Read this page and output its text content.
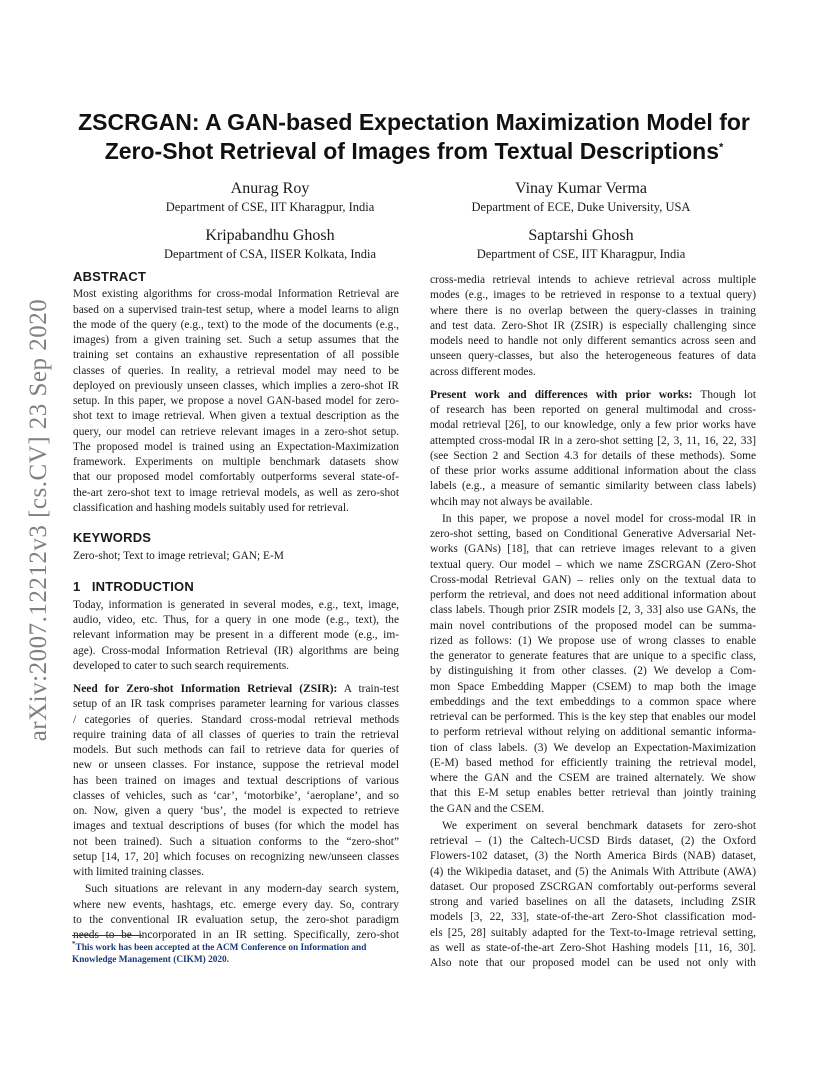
arXiv:2007.12212v3 [cs.CV] 23 Sep 2020
ZSCRGAN: A GAN-based Expectation Maximization Model for
Zero-Shot Retrieval of Images from Textual Descriptions*
Anurag Roy
Department of CSE, IIT Kharagpur, India
Vinay Kumar Verma
Department of ECE, Duke University, USA
Kripabandhu Ghosh
Department of CSA, IISER Kolkata, India
Saptarshi Ghosh
Department of CSE, IIT Kharagpur, India
ABSTRACT
Most existing algorithms for cross-modal Information Retrieval are
based on a supervised train-test setup, where a model learns to align
the mode of the query (e.g., text) to the mode of the documents (e.g.,
images) from a given training set. Such a setup assumes that the
training set contains an exhaustive representation of all possible
classes of queries. In reality, a retrieval model may need to be
deployed on previously unseen classes, which implies a zero-shot IR
setup. In this paper, we propose a novel GAN-based model for zero-
shot text to image retrieval. When given a textual description as the
query, our model can retrieve relevant images in a zero-shot setup.
The proposed model is trained using an Expectation-Maximization
framework. Experiments on multiple benchmark datasets show
that our proposed model comfortably outperforms several state-of-
the-art zero-shot text to image retrieval models, as well as zero-shot
classification and hashing models suitably used for retrieval.
KEYWORDS
Zero-shot; Text to image retrieval; GAN; E-M
1   INTRODUCTION
Today, information is generated in several modes, e.g., text, image,
audio, video, etc. Thus, for a query in one mode (e.g., text), the
relevant information may be present in a different mode (e.g., im-
age). Cross-modal Information Retrieval (IR) algorithms are being
developed to cater to such search requirements.
Need for Zero-shot Information Retrieval (ZSIR): A train-test
setup of an IR task comprises parameter learning for various classes
/ categories of queries. Standard cross-modal retrieval methods
require training data of all classes of queries to train the retrieval
models. But such methods can fail to retrieve data for queries of
new or unseen classes. For instance, suppose the retrieval model
has been trained on images and textual descriptions of various
classes of vehicles, such as ‘car’, ‘motorbike’, ‘aeroplane’, and so
on. Now, given a query ‘bus’, the model is expected to retrieve
images and textual descriptions of buses (for which the model has
not been trained). Such a situation conforms to the “zero-shot”
setup [14, 17, 20] which focuses on recognizing new/unseen classes
with limited training classes.
Such situations are relevant in any modern-day search system,
where new events, hashtags, etc. emerge every day. So, contrary
to the conventional IR evaluation setup, the zero-shot paradigm
needs to be incorporated in an IR setting. Specifically, zero-shot
cross-media retrieval intends to achieve retrieval across multiple
modes (e.g., images to be retrieved in response to a textual query)
where there is no overlap between the query-classes in training
and test data. Zero-Shot IR (ZSIR) is especially challenging since
models need to handle not only different semantics across seen and
unseen query-classes, but also the heterogeneous features of data
across different modes.
Present work and differences with prior works: Though lot
of research has been reported on general multimodal and cross-
modal retrieval [26], to our knowledge, only a few prior works have
attempted cross-modal IR in a zero-shot setting [2, 3, 11, 16, 22, 33]
(see Section 2 and Section 4.3 for details of these methods). Some
of these prior works assume additional information about the class
labels (e.g., a measure of semantic similarity between class labels)
whcih may not always be available.
In this paper, we propose a novel model for cross-modal IR in
zero-shot setting, based on Conditional Generative Adversarial Net-
works (GANs) [18], that can retrieve images relevant to a given
textual query. Our model – which we name ZSCRGAN (Zero-Shot
Cross-modal Retrieval GAN) – relies only on the textual data to
perform the retrieval, and does not need additional information about
class labels. Though prior ZSIR models [2, 3, 33] also use GANs, the
main novel contributions of the proposed model can be summa-
rized as follows: (1) We propose use of wrong classes to enable
the generator to generate features that are unique to a specific class,
by distinguishing it from other classes. (2) We develop a Com-
mon Space Embedding Mapper (CSEM) to map both the image
embeddings and the text embeddings to a common space where
retrieval can be performed. This is the key step that enables our model
to perform retrieval without relying on additional semantic informa-
tion of class labels. (3) We develop an Expectation-Maximization
(E-M) based method for efficiently training the retrieval model,
where the GAN and the CSEM are trained alternately. We show
that this E-M setup enables better retrieval than jointly training
the GAN and the CSEM.
We experiment on several benchmark datasets for zero-shot
retrieval – (1) the Caltech-UCSD Birds dataset, (2) the Oxford
Flowers-102 dataset, (3) the North America Birds (NAB) dataset,
(4) the Wikipedia dataset, and (5) the Animals With Attribute (AWA)
dataset. Our proposed ZSCRGAN comfortably out-performs several
strong and varied baselines on all the datasets, including ZSIR
models [3, 22, 33], state-of-the-art Zero-Shot classification mod-
els [25, 28] suitably adapted for the Text-to-Image retrieval setting,
as well as state-of-the-art Zero-Shot Hashing models [11, 16, 30].
Also note that our proposed model can be used not only with
*This work has been accepted at the ACM Conference on Information and
Knowledge Management (CIKM) 2020.
